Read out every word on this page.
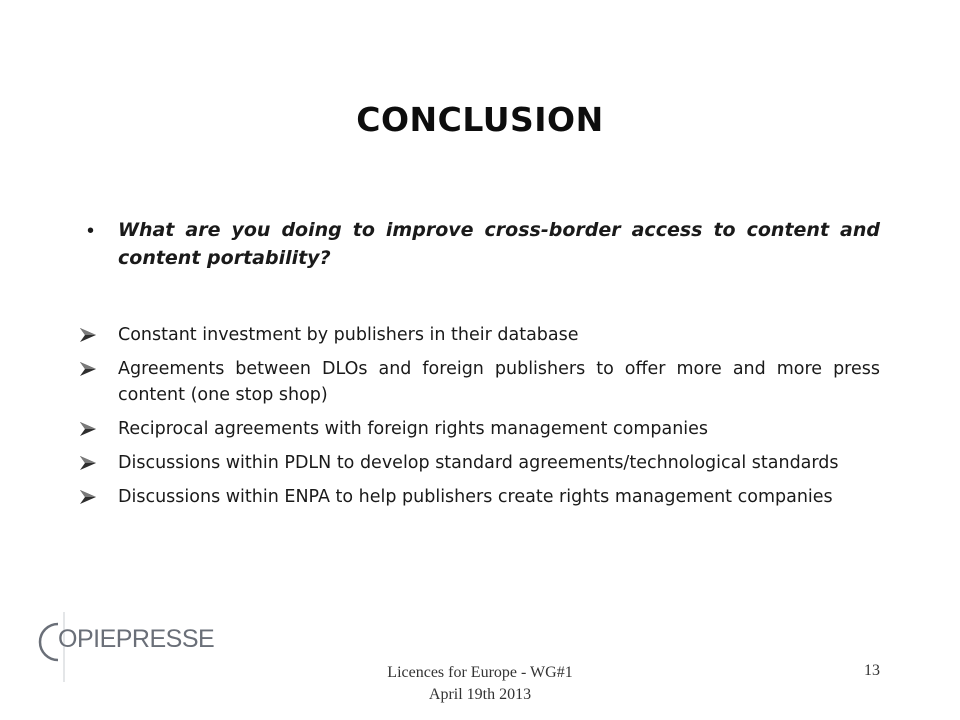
CONCLUSION
• What are you doing to improve cross-border access to content and content portability?
Constant investment by publishers in their database
Agreements between DLOs and foreign publishers to offer more and more press content (one stop shop)
Reciprocal agreements with foreign rights management companies
Discussions within PDLN to develop standard agreements/technological standards
Discussions within ENPA to help publishers create rights management companies
OPIEPRESSE
Licences for Europe - WG#1
April 19th 2013
13
